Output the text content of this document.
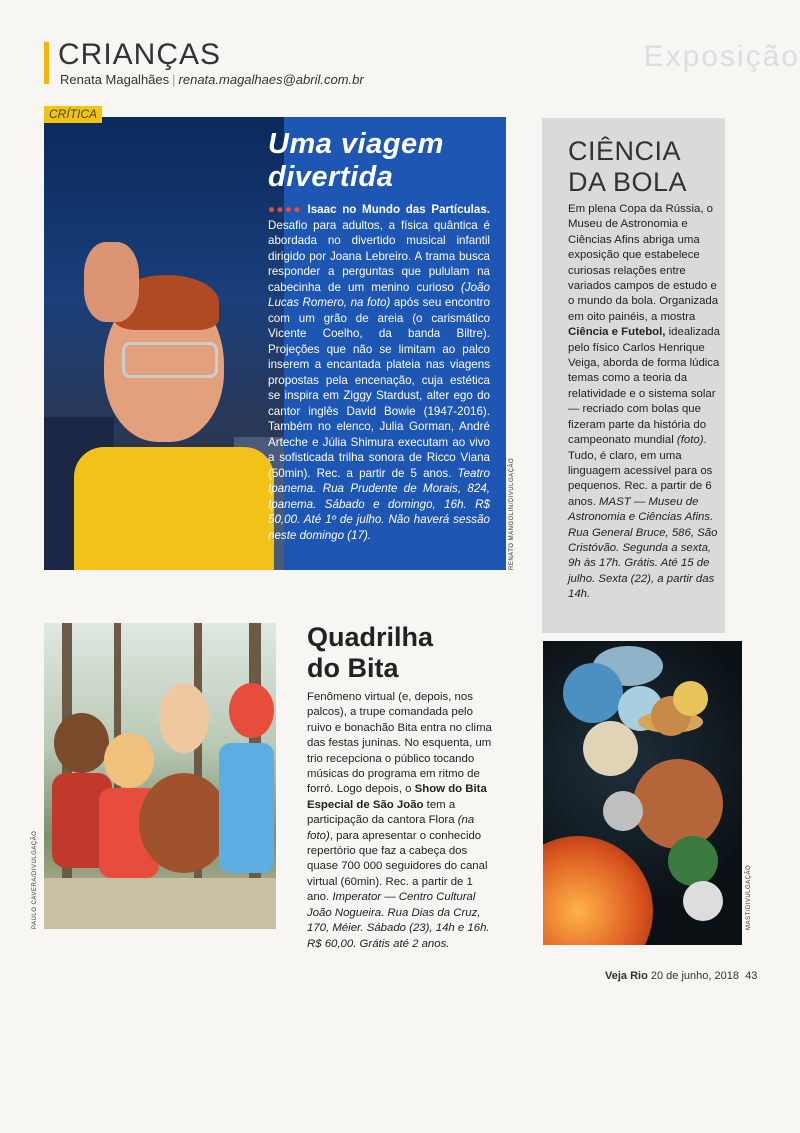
CRIANÇAS
Renata Magalhães | renata.magalhaes@abril.com.br
Exposição
CRÍTICA
Uma viagem
divertida
●●●● Isaac no Mundo das Partículas. Desafio para adultos, a física quântica é abordada no divertido musical infantil dirigido por Joana Lebreiro. A trama busca responder a perguntas que pululam na cabecinha de um menino curioso (João Lucas Romero, na foto) após seu encontro com um grão de areia (o carismático Vicente Coelho, da banda Biltre). Projeções que não se limitam ao palco inserem a encantada plateia nas viagens propostas pela encenação, cuja estética se inspira em Ziggy Stardust, alter ego do cantor inglês David Bowie (1947-2016). Também no elenco, Julia Gorman, André Arteche e Júlia Shimura executam ao vivo a sofisticada trilha sonora de Ricco Viana (50min). Rec. a partir de 5 anos. Teatro Ipanema. Rua Prudente de Morais, 824, Ipanema. Sábado e domingo, 16h. R$ 50,00. Até 1º de julho. Não haverá sessão neste domingo (17).	RENATO MANGOLIN/DIVULGAÇÃO
CIÊNCIA
DA BOLA
Em plena Copa da Rússia, o Museu de Astronomia e Ciências Afins abriga uma exposição que estabelece curiosas relações entre variados campos de estudo e o mundo da bola. Organizada em oito painéis, a mostra Ciência e Futebol, idealizada pelo físico Carlos Henrique Veiga, aborda de forma lúdica temas como a teoria da relatividade e o sistema solar — recriado com bolas que fizeram parte da história do campeonato mundial (foto). Tudo, é claro, em uma linguagem acessível para os pequenos. Rec. a partir de 6 anos. MAST — Museu de Astronomia e Ciências Afins. Rua General Bruce, 586, São Cristóvão. Segunda a sexta, 9h às 17h. Grátis. Até 15 de julho. Sexta (22), a partir das 14h.
PAULO CAVERA/DIVULGAÇÃO
Quadrilha
do Bita
Fenômeno virtual (e, depois, nos palcos), a trupe comandada pelo ruivo e bonachão Bita entra no clima das festas juninas. No esquenta, um trio recepciona o público tocando músicas do programa em ritmo de forró. Logo depois, o Show do Bita Especial de São João tem a participação da cantora Flora (na foto), para apresentar o conhecido repertório que faz a cabeça dos quase 700 000 seguidores do canal virtual (60min). Rec. a partir de 1 ano. Imperator — Centro Cultural João Nogueira. Rua Dias da Cruz, 170, Méier. Sábado (23), 14h e 16h. R$ 60,00. Grátis até 2 anos.
MAST/DIVULGAÇÃO
Veja Rio 20 de junho, 2018 43
